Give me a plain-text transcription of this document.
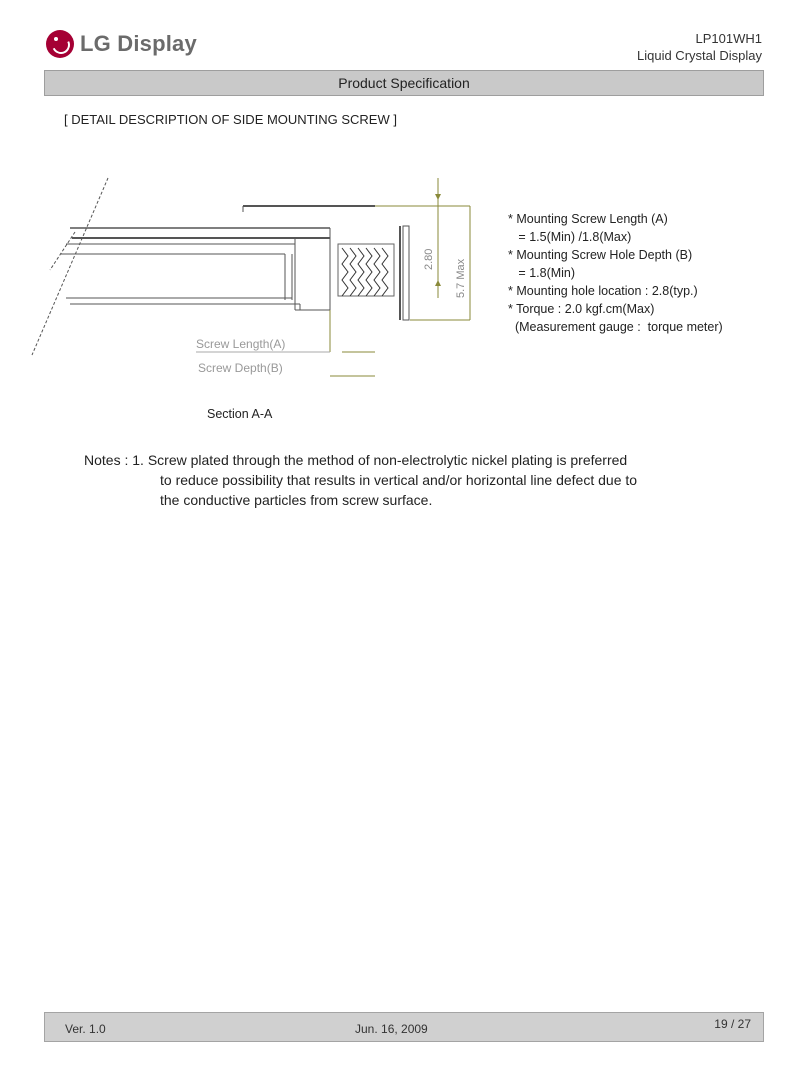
LG Display	LP101WH1
Liquid Crystal Display
Product Specification
[ DETAIL DESCRIPTION OF SIDE MOUNTING SCREW ]
2.80 5.7 Max
Screw Length(A)
Screw Depth(B)
* Mounting Screw Length (A)
= 1.5(Min) /1.8(Max)
* Mounting Screw Hole Depth (B)
= 1.8(Min)
* Mounting hole location : 2.8(typ.)
* Torque : 2.0 kgf.cm(Max)
(Measurement gauge :  torque meter)
Section A-A
Notes : 1. Screw plated through the method of non-electrolytic nickel plating is preferred
to reduce possibility that results in vertical and/or horizontal line defect due to
the conductive particles from screw surface.
Ver. 1.0	Jun. 16, 2009	19 / 27
